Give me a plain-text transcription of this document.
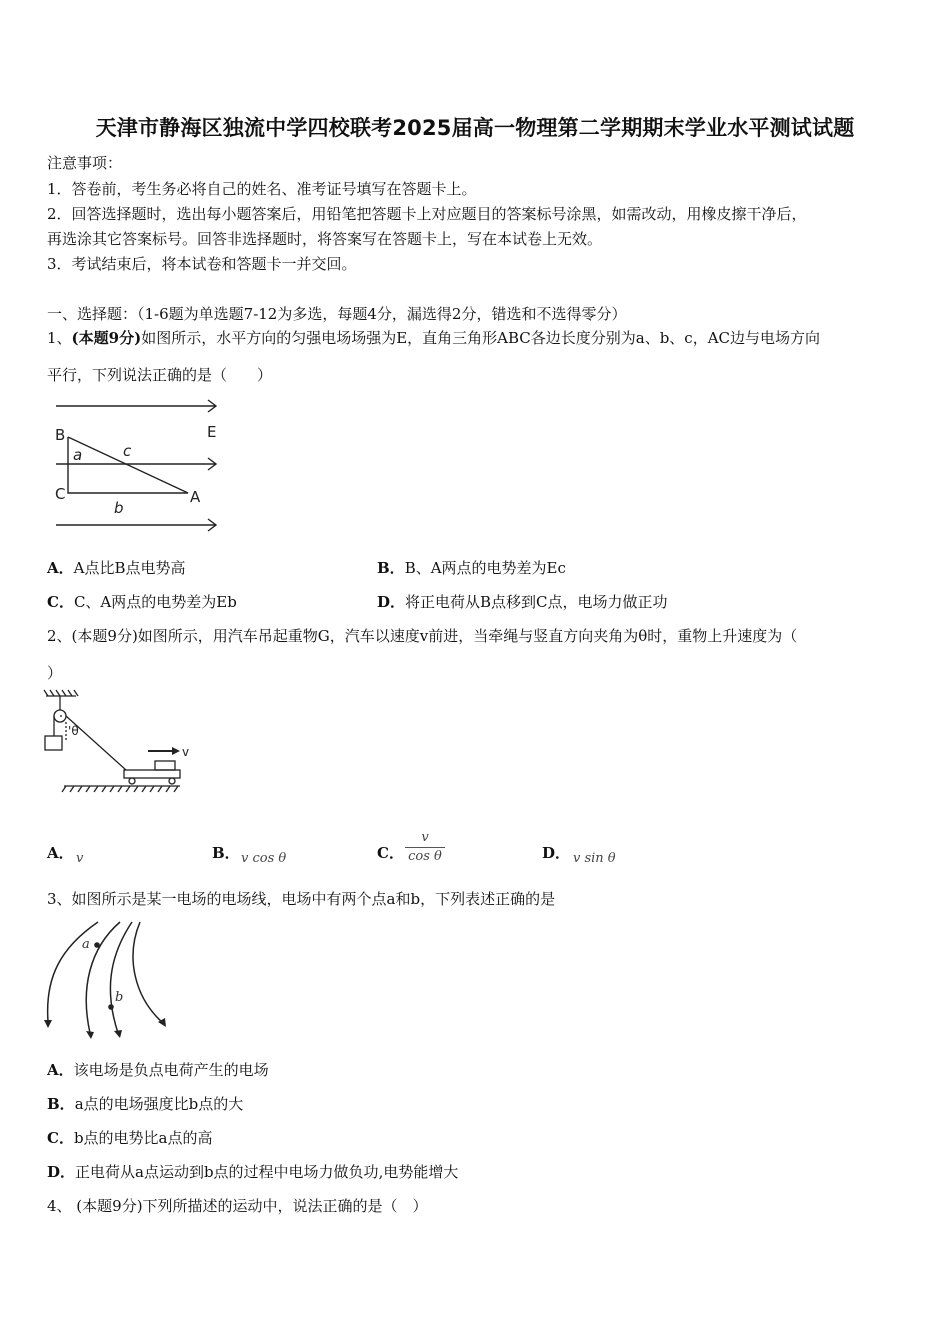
天津市静海区独流中学四校联考2025届高一物理第二学期期末学业水平测试试题
注意事项：
1．答卷前，考生务必将自己的姓名、准考证号填写在答题卡上。
2．回答选择题时，选出每小题答案后，用铅笔把答题卡上对应题目的答案标号涂黑，如需改动，用橡皮擦干净后，
再选涂其它答案标号。回答非选择题时，将答案写在答题卡上，写在本试卷上无效。
3．考试结束后，将本试卷和答题卡一并交回。
一、选择题：（1-6题为单选题7-12为多选，每题4分，漏选得2分，错选和不选得零分）
1、(本题9分)如图所示，水平方向的匀强电场场强为E，直角三角形ABC各边长度分别为a、b、c，AC边与电场方向
平行，下列说法正确的是（　　）
B
C	A
E
a
b
c
A．A点比B点电势高	B．B、A两点的电势差为Ec
C．C、A两点的电势差为Eb	D．将正电荷从B点移到C点，电场力做正功
2、(本题9分)如图所示，用汽车吊起重物G，汽车以速度v前进，当牵绳与竖直方向夹角为θ时，重物上升速度为（
）
'θ
v
A． v	B． v cos θ	C． $\frac{v}{\text{cos θ}}$	D． v sin θ
3、如图所示是某一电场的电场线，电场中有两个点a和b，下列表述正确的是
a
b
A．该电场是负点电荷产生的电场
B．a点的电场强度比b点的大
C．b点的电势比a点的高
D．正电荷从a点运动到b点的过程中电场力做负功,电势能增大
4、 (本题9分)下列所描述的运动中，说法正确的是（　）
